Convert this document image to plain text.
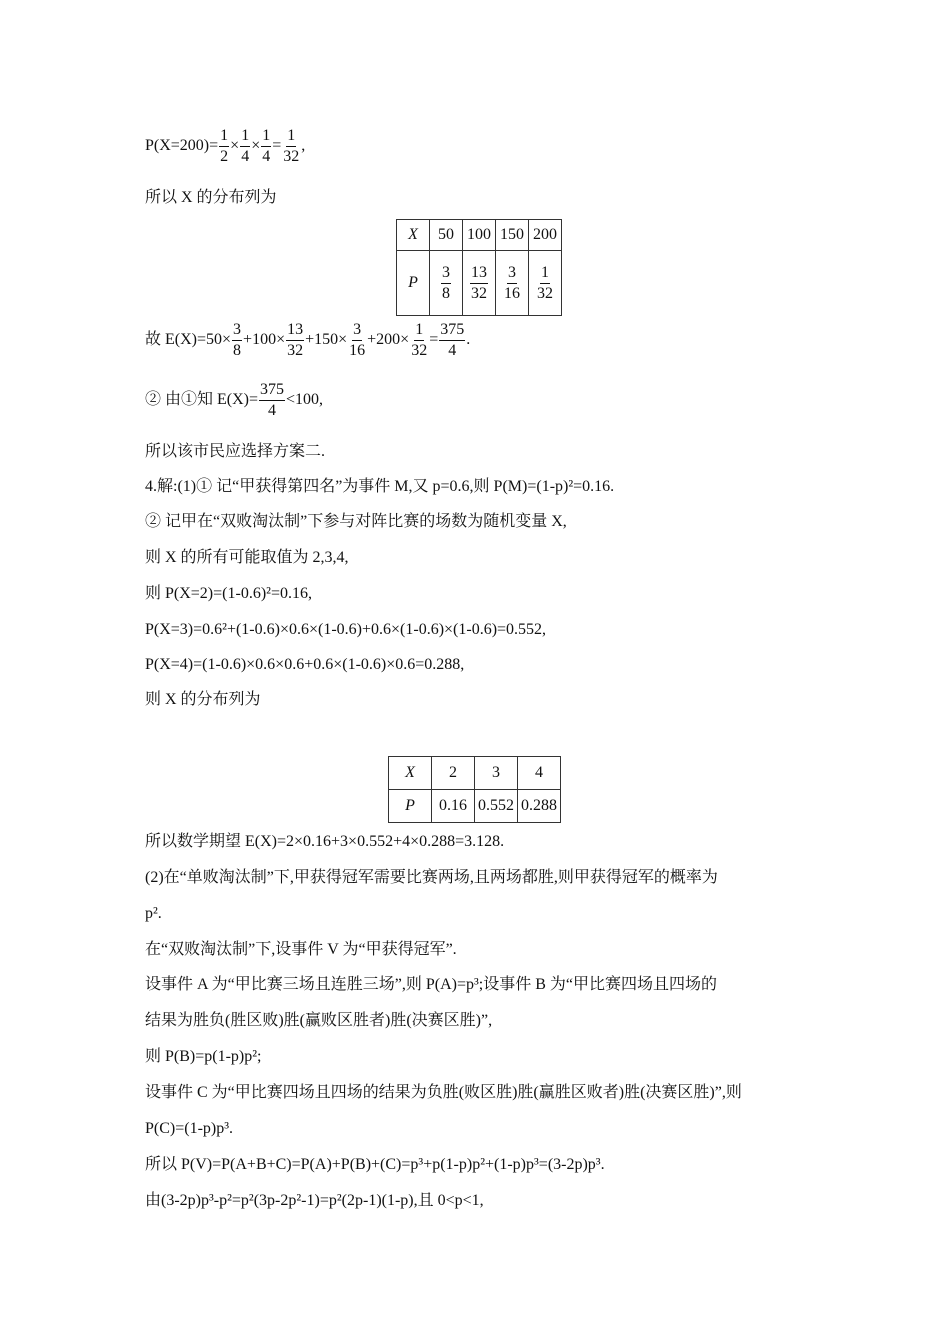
$P(X=200)= \frac{1}{2} \times \frac{1}{4} \times \frac{1}{4} = \frac{1}{32}$ ,
所以 X 的分布列为
X	50	100	150	200
P	$\frac{3}{8}$	$\frac{13}{32}$	$\frac{3}{16}$	$\frac{1}{32}$
故 $E(X)=50\times \frac{3}{8} +100\times \frac{13}{32} +150\times \frac{3}{16} +200\times \frac{1}{32} = \frac{375}{4}$ .
② 由①知 $E(X)= \frac{375}{4} <100$,
所以该市民应选择方案二.
4.解:(1)① 记“甲获得第四名”为事件 M,又 p=0.6,则 P(M)=(1-p)²=0.16.
② 记甲在“双败淘汰制”下参与对阵比赛的场数为随机变量 X,
则 X 的所有可能取值为 2,3,4,
则 P(X=2)=(1-0.6)²=0.16,
P(X=3)=0.6²+(1-0.6)×0.6×(1-0.6)+0.6×(1-0.6)×(1-0.6)=0.552,
P(X=4)=(1-0.6)×0.6×0.6+0.6×(1-0.6)×0.6=0.288,
则 X 的分布列为
X	2	3	4
P	0.16	0.552	0.288
所以数学期望 E(X)=2×0.16+3×0.552+4×0.288=3.128.
(2)在“单败淘汰制”下,甲获得冠军需要比赛两场,且两场都胜,则甲获得冠军的概率为
p².
在“双败淘汰制”下,设事件 V 为“甲获得冠军”.
设事件 A 为“甲比赛三场且连胜三场”,则 P(A)=p³;设事件 B 为“甲比赛四场且四场的
结果为胜负(胜区败)胜(赢败区胜者)胜(决赛区胜)”,
则 P(B)=p(1-p)p²;
设事件 C 为“甲比赛四场且四场的结果为负胜(败区胜)胜(赢胜区败者)胜(决赛区胜)”,则
P(C)=(1-p)p³.
所以 P(V)=P(A+B+C)=P(A)+P(B)+(C)=p³+p(1-p)p²+(1-p)p³=(3-2p)p³.
由(3-2p)p³-p²=p²(3p-2p²-1)=p²(2p-1)(1-p),且 0<p<1,
